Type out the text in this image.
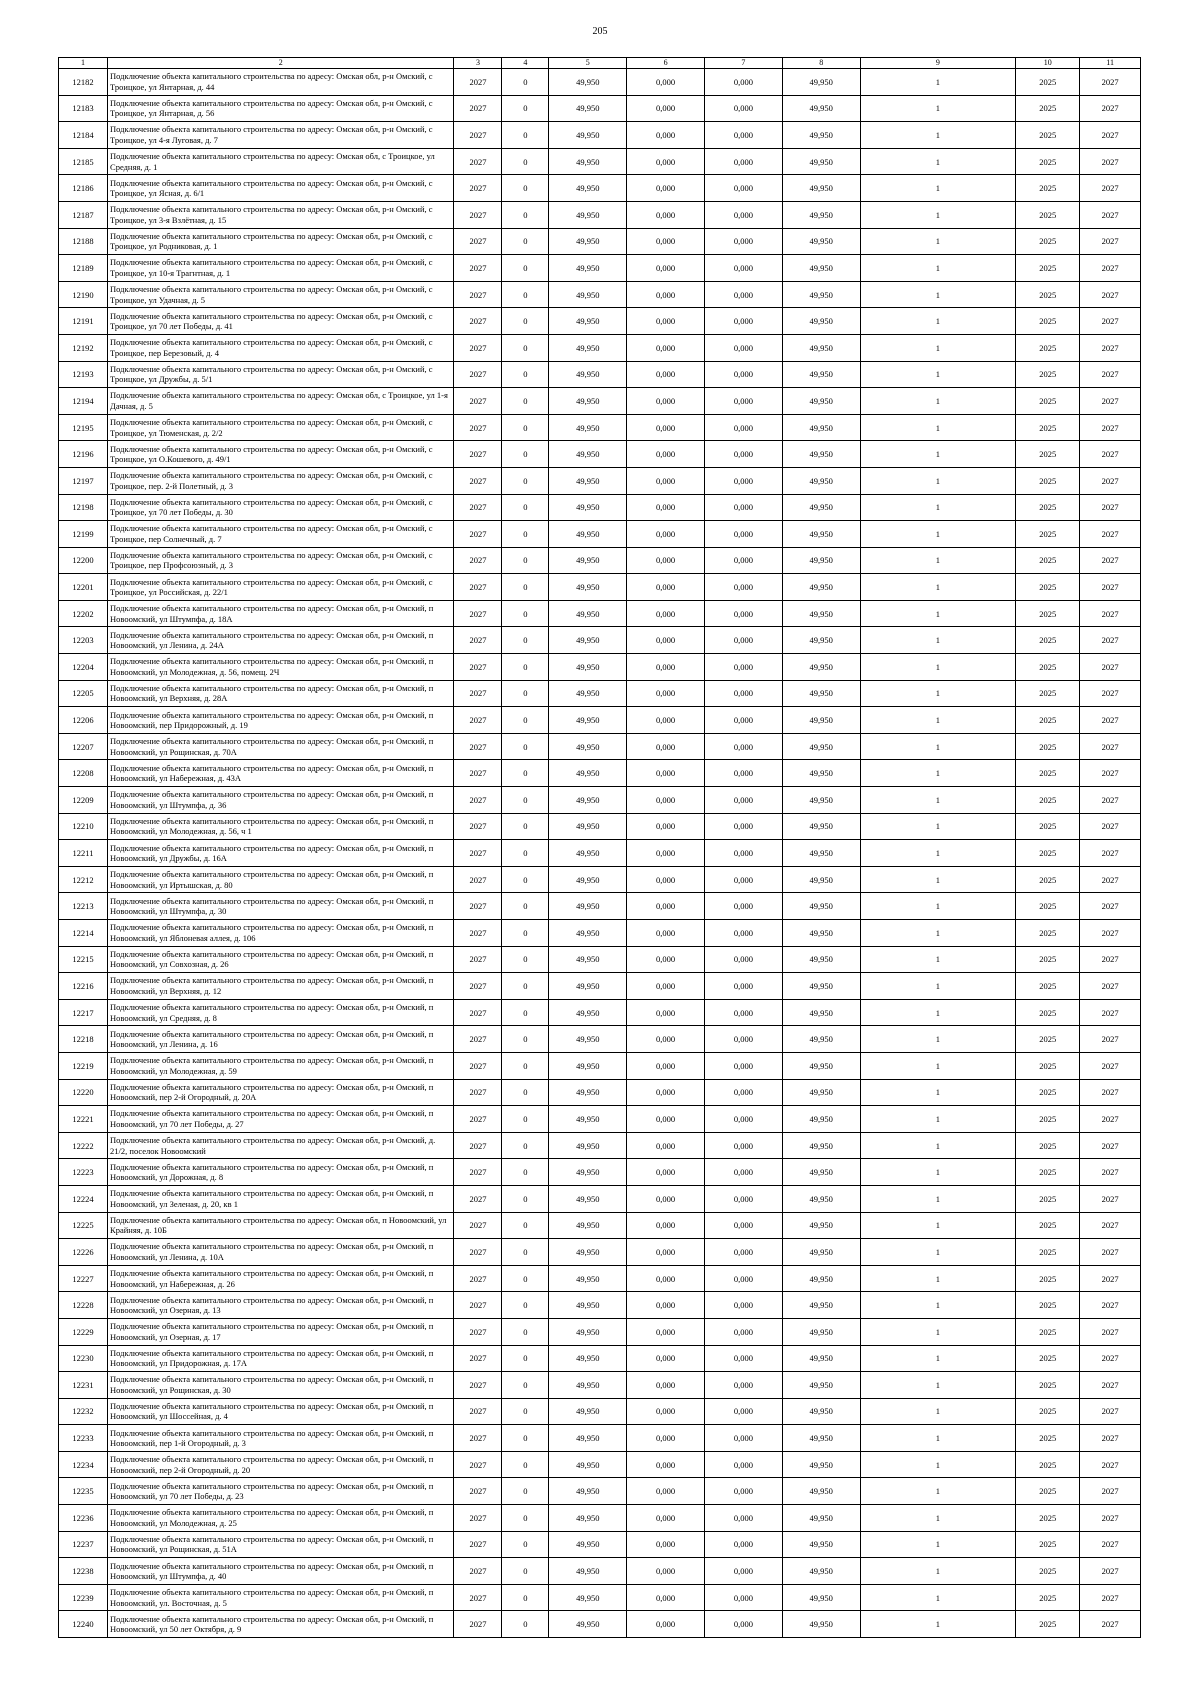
205
1	2	3	4	5	6	7	8	9	10	11
12182	Подключение объекта капитального строительства по адресу: Омская обл, р-н Омский, с Троицкое, ул Янтарная, д. 44	2027	0	49,950	0,000	0,000	49,950	1	2025	2027
12183	Подключение объекта капитального строительства по адресу: Омская обл, р-н Омский, с Троицкое, ул Янтарная, д. 56	2027	0	49,950	0,000	0,000	49,950	1	2025	2027
12184	Подключение объекта капитального строительства по адресу: Омская обл, р-н Омский, с Троицкое, ул 4-я Луговая, д. 7	2027	0	49,950	0,000	0,000	49,950	1	2025	2027
12185	Подключение объекта капитального строительства по адресу: Омская обл, с Троицкое, ул Средняя, д. 1	2027	0	49,950	0,000	0,000	49,950	1	2025	2027
12186	Подключение объекта капитального строительства по адресу: Омская обл, р-н Омский, с Троицкое, ул Ясная, д. 6/1	2027	0	49,950	0,000	0,000	49,950	1	2025	2027
12187	Подключение объекта капитального строительства по адресу: Омская обл, р-н Омский, с Троицкое, ул 3-я Взлётная, д. 15	2027	0	49,950	0,000	0,000	49,950	1	2025	2027
12188	Подключение объекта капитального строительства по адресу: Омская обл, р-н Омский, с Троицкое, ул Родниковая, д. 1	2027	0	49,950	0,000	0,000	49,950	1	2025	2027
12189	Подключение объекта капитального строительства по адресу: Омская обл, р-н Омский, с Троицкое, ул 10-я Трагнтная, д. 1	2027	0	49,950	0,000	0,000	49,950	1	2025	2027
12190	Подключение объекта капитального строительства по адресу: Омская обл, р-н Омский, с Троицкое, ул Удачная, д. 5	2027	0	49,950	0,000	0,000	49,950	1	2025	2027
12191	Подключение объекта капитального строительства по адресу: Омская обл, р-н Омский, с Троицкое, ул 70 лет Победы, д. 41	2027	0	49,950	0,000	0,000	49,950	1	2025	2027
12192	Подключение объекта капитального строительства по адресу: Омская обл, р-н Омский, с Троицкое, пер Березовый, д. 4	2027	0	49,950	0,000	0,000	49,950	1	2025	2027
12193	Подключение объекта капитального строительства по адресу: Омская обл, р-н Омский, с Троицкое, ул Дружбы, д. 5/1	2027	0	49,950	0,000	0,000	49,950	1	2025	2027
12194	Подключение объекта капитального строительства по адресу: Омская обл, с Троицкое, ул 1-я Дачная, д. 5	2027	0	49,950	0,000	0,000	49,950	1	2025	2027
12195	Подключение объекта капитального строительства по адресу: Омская обл, р-н Омский, с Троицкое, ул Тюменская, д. 2/2	2027	0	49,950	0,000	0,000	49,950	1	2025	2027
12196	Подключение объекта капитального строительства по адресу: Омская обл, р-н Омский, с Троицкое, ул О.Кошевого, д. 49/1	2027	0	49,950	0,000	0,000	49,950	1	2025	2027
12197	Подключение объекта капитального строительства по адресу: Омская обл, р-н Омский, с Троицкое, пер. 2-й Полетный, д. 3	2027	0	49,950	0,000	0,000	49,950	1	2025	2027
12198	Подключение объекта капитального строительства по адресу: Омская обл, р-н Омский, с Троицкое, ул 70 лет Победы, д. 30	2027	0	49,950	0,000	0,000	49,950	1	2025	2027
12199	Подключение объекта капитального строительства по адресу: Омская обл, р-н Омский, с Троицкое, пер Солнечный, д. 7	2027	0	49,950	0,000	0,000	49,950	1	2025	2027
12200	Подключение объекта капитального строительства по адресу: Омская обл, р-н Омский, с Троицкое, пер Профсоюзный, д. 3	2027	0	49,950	0,000	0,000	49,950	1	2025	2027
12201	Подключение объекта капитального строительства по адресу: Омская обл, р-н Омский, с Троицкое, ул Российская, д. 22/1	2027	0	49,950	0,000	0,000	49,950	1	2025	2027
12202	Подключение объекта капитального строительства по адресу: Омская обл, р-н Омский, п Новоомский, ул Штумпфа, д. 18А	2027	0	49,950	0,000	0,000	49,950	1	2025	2027
12203	Подключение объекта капитального строительства по адресу: Омская обл, р-н Омский, п Новоомский, ул Ленина, д. 24А	2027	0	49,950	0,000	0,000	49,950	1	2025	2027
12204	Подключение объекта капитального строительства по адресу: Омская обл, р-н Омский, п Новоомский, ул Молодежная, д. 56, помещ. 2Ч	2027	0	49,950	0,000	0,000	49,950	1	2025	2027
12205	Подключение объекта капитального строительства по адресу: Омская обл, р-н Омский, п Новоомский, ул Верхняя, д. 28А	2027	0	49,950	0,000	0,000	49,950	1	2025	2027
12206	Подключение объекта капитального строительства по адресу: Омская обл, р-н Омский, п Новоомский, пер Придорожный, д. 19	2027	0	49,950	0,000	0,000	49,950	1	2025	2027
12207	Подключение объекта капитального строительства по адресу: Омская обл, р-н Омский, п Новоомский, ул Рощинская, д. 70А	2027	0	49,950	0,000	0,000	49,950	1	2025	2027
12208	Подключение объекта капитального строительства по адресу: Омская обл, р-н Омский, п Новоомский, ул Набережная, д. 43А	2027	0	49,950	0,000	0,000	49,950	1	2025	2027
12209	Подключение объекта капитального строительства по адресу: Омская обл, р-н Омский, п Новоомский, ул Штумпфа, д. 36	2027	0	49,950	0,000	0,000	49,950	1	2025	2027
12210	Подключение объекта капитального строительства по адресу: Омская обл, р-н Омский, п Новоомский, ул Молодежная, д. 56, ч 1	2027	0	49,950	0,000	0,000	49,950	1	2025	2027
12211	Подключение объекта капитального строительства по адресу: Омская обл, р-н Омский, п Новоомский, ул Дружбы, д. 16А	2027	0	49,950	0,000	0,000	49,950	1	2025	2027
12212	Подключение объекта капитального строительства по адресу: Омская обл, р-н Омский, п Новоомский, ул Иртышская, д. 80	2027	0	49,950	0,000	0,000	49,950	1	2025	2027
12213	Подключение объекта капитального строительства по адресу: Омская обл, р-н Омский, п Новоомский, ул Штумпфа, д. 30	2027	0	49,950	0,000	0,000	49,950	1	2025	2027
12214	Подключение объекта капитального строительства по адресу: Омская обл, р-н Омский, п Новоомский, ул Яблоневая аллея, д. 106	2027	0	49,950	0,000	0,000	49,950	1	2025	2027
12215	Подключение объекта капитального строительства по адресу: Омская обл, р-н Омский, п Новоомский, ул Совхозная, д. 26	2027	0	49,950	0,000	0,000	49,950	1	2025	2027
12216	Подключение объекта капитального строительства по адресу: Омская обл, р-н Омский, п Новоомский, ул Верхняя, д. 12	2027	0	49,950	0,000	0,000	49,950	1	2025	2027
12217	Подключение объекта капитального строительства по адресу: Омская обл, р-н Омский, п Новоомский, ул Средняя, д. 8	2027	0	49,950	0,000	0,000	49,950	1	2025	2027
12218	Подключение объекта капитального строительства по адресу: Омская обл, р-н Омский, п Новоомский, ул Ленина, д. 16	2027	0	49,950	0,000	0,000	49,950	1	2025	2027
12219	Подключение объекта капитального строительства по адресу: Омская обл, р-н Омский, п Новоомский, ул Молодежная, д. 59	2027	0	49,950	0,000	0,000	49,950	1	2025	2027
12220	Подключение объекта капитального строительства по адресу: Омская обл, р-н Омский, п Новоомский, пер 2-й Огородный, д. 20А	2027	0	49,950	0,000	0,000	49,950	1	2025	2027
12221	Подключение объекта капитального строительства по адресу: Омская обл, р-н Омский, п Новоомский, ул 70 лет Победы, д. 27	2027	0	49,950	0,000	0,000	49,950	1	2025	2027
12222	Подключение объекта капитального строительства по адресу: Омская обл, р-н Омский, д. 21/2, поселок Новоомский	2027	0	49,950	0,000	0,000	49,950	1	2025	2027
12223	Подключение объекта капитального строительства по адресу: Омская обл, р-н Омский, п Новоомский, ул Дорожная, д. 8	2027	0	49,950	0,000	0,000	49,950	1	2025	2027
12224	Подключение объекта капитального строительства по адресу: Омская обл, р-н Омский, п Новоомский, ул Зеленая, д. 20, кв 1	2027	0	49,950	0,000	0,000	49,950	1	2025	2027
12225	Подключение объекта капитального строительства по адресу: Омская обл, п Новоомский, ул Крайняя, д. 10Б	2027	0	49,950	0,000	0,000	49,950	1	2025	2027
12226	Подключение объекта капитального строительства по адресу: Омская обл, р-н Омский, п Новоомский, ул Ленина, д. 10А	2027	0	49,950	0,000	0,000	49,950	1	2025	2027
12227	Подключение объекта капитального строительства по адресу: Омская обл, р-н Омский, п Новоомский, ул Набережная, д. 26	2027	0	49,950	0,000	0,000	49,950	1	2025	2027
12228	Подключение объекта капитального строительства по адресу: Омская обл, р-н Омский, п Новоомский, ул Озерная, д. 13	2027	0	49,950	0,000	0,000	49,950	1	2025	2027
12229	Подключение объекта капитального строительства по адресу: Омская обл, р-н Омский, п Новоомский, ул Озерная, д. 17	2027	0	49,950	0,000	0,000	49,950	1	2025	2027
12230	Подключение объекта капитального строительства по адресу: Омская обл, р-н Омский, п Новоомский, ул Придорожная, д. 17А	2027	0	49,950	0,000	0,000	49,950	1	2025	2027
12231	Подключение объекта капитального строительства по адресу: Омская обл, р-н Омский, п Новоомский, ул Рощинская, д. 30	2027	0	49,950	0,000	0,000	49,950	1	2025	2027
12232	Подключение объекта капитального строительства по адресу: Омская обл, р-н Омский, п Новоомский, ул Шоссейная, д. 4	2027	0	49,950	0,000	0,000	49,950	1	2025	2027
12233	Подключение объекта капитального строительства по адресу: Омская обл, р-н Омский, п Новоомский, пер 1-й Огородный, д. 3	2027	0	49,950	0,000	0,000	49,950	1	2025	2027
12234	Подключение объекта капитального строительства по адресу: Омская обл, р-н Омский, п Новоомский, пер 2-й Огородный, д. 20	2027	0	49,950	0,000	0,000	49,950	1	2025	2027
12235	Подключение объекта капитального строительства по адресу: Омская обл, р-н Омский, п Новоомский, ул 70 лет Победы, д. 23	2027	0	49,950	0,000	0,000	49,950	1	2025	2027
12236	Подключение объекта капитального строительства по адресу: Омская обл, р-н Омский, п Новоомский, ул Молодежная, д. 25	2027	0	49,950	0,000	0,000	49,950	1	2025	2027
12237	Подключение объекта капитального строительства по адресу: Омская обл, р-н Омский, п Новоомский, ул Рощинская, д. 51А	2027	0	49,950	0,000	0,000	49,950	1	2025	2027
12238	Подключение объекта капитального строительства по адресу: Омская обл, р-н Омский, п Новоомский, ул Штумпфа, д. 40	2027	0	49,950	0,000	0,000	49,950	1	2025	2027
12239	Подключение объекта капитального строительства по адресу: Омская обл, р-н Омский, п Новоомский, ул. Восточная, д. 5	2027	0	49,950	0,000	0,000	49,950	1	2025	2027
12240	Подключение объекта капитального строительства по адресу: Омская обл, р-н Омский, п Новоомский, ул 50 лет Октября, д. 9	2027	0	49,950	0,000	0,000	49,950	1	2025	2027
